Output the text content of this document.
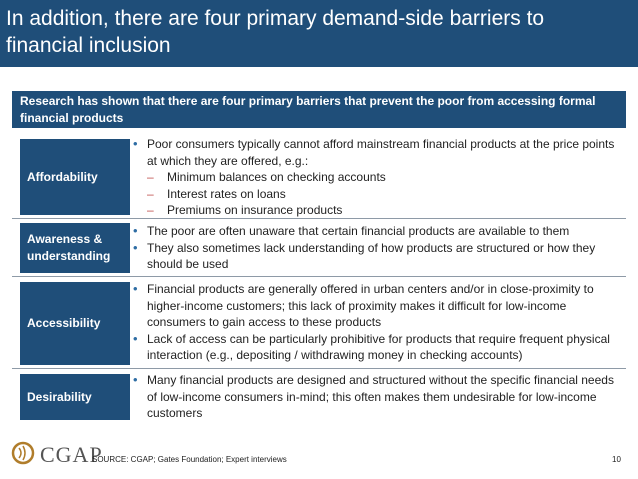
In addition, there are four primary demand-side barriers to financial inclusion
Research has shown that there are four primary barriers that prevent the poor from accessing formal financial products
Affordability
• Poor consumers typically cannot afford mainstream financial products at the price points at which they are offered, e.g.:
– Minimum balances on checking accounts
– Interest rates on loans
– Premiums on insurance products
Awareness & understanding
• The poor are often unaware that certain financial products are available to them
• They also sometimes lack understanding of how products are structured or how they should be used
Accessibility
• Financial products are generally offered in urban centers and/or in close-proximity to higher-income customers; this lack of proximity makes it difficult for low-income consumers to gain access to these products
• Lack of access can be particularly prohibitive for products that require frequent physical interaction (e.g., depositing / withdrawing money in checking accounts)
Desirability
• Many financial products are designed and structured without the specific financial needs of low-income consumers in-mind; this often makes them undesirable for low-income customers
CGAP
SOURCE: CGAP; Gates Foundation; Expert interviews	10
